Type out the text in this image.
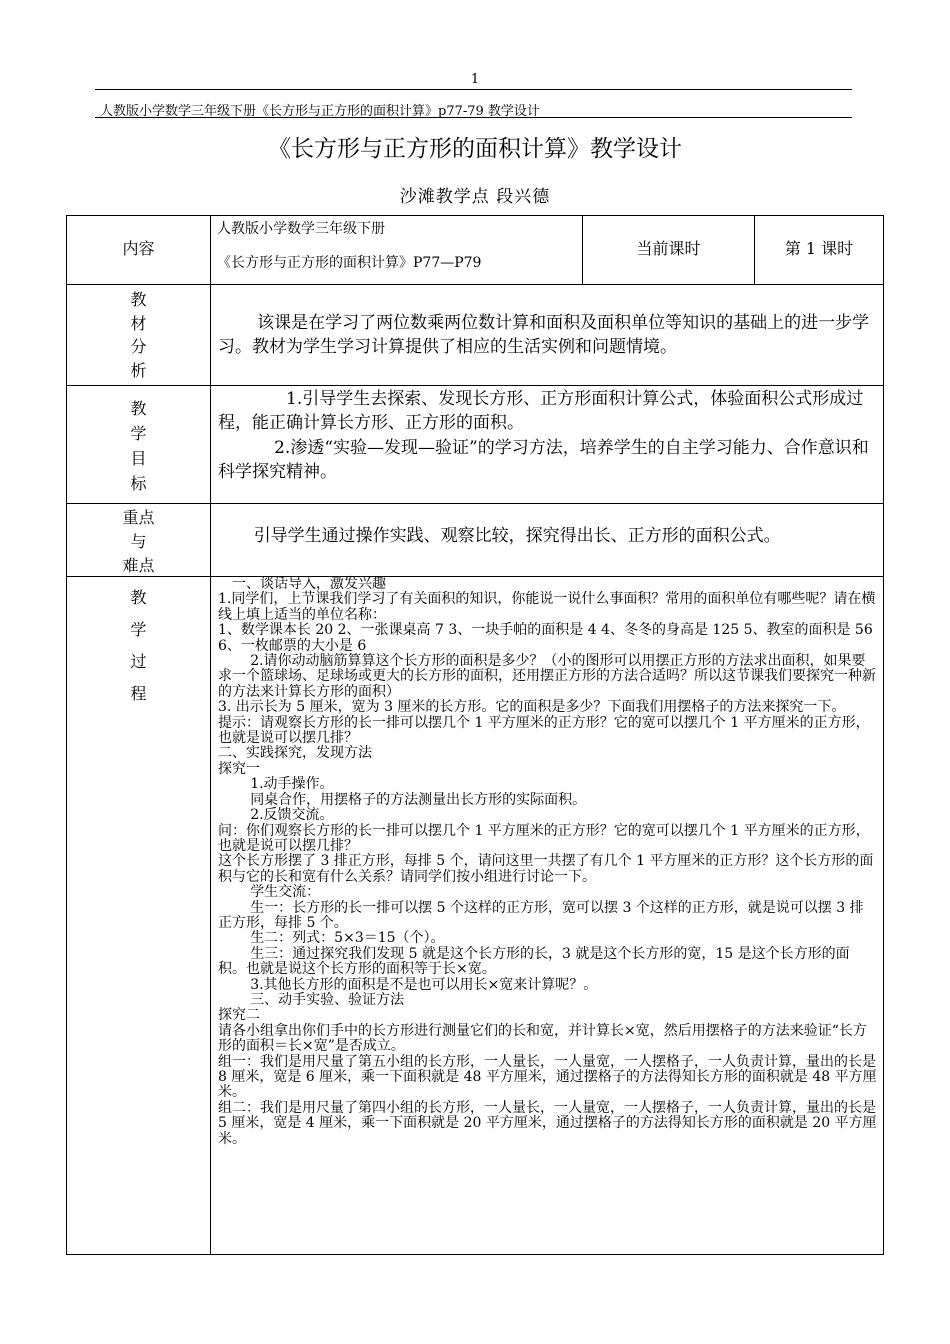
1
人教版小学数学三年级下册《长方形与正方形的面积计算》p77-79 教学设计
《长方形与正方形的面积计算》教学设计
沙滩教学点 段兴德
内容
人教版小学数学三年级下册
《长方形与正方形的面积计算》P77—P79
当前课时	第 1 课时
教
材
分
析
该课是在学习了两位数乘两位数计算和面积及面积单位等知识的基础上的进一步学习。教材为学生学习计算提供了相应的生活实例和问题情境。
教
学
目
标
1.引导学生去探索、发现长方形、正方形面积计算公式，体验面积公式形成过程，能正确计算长方形、正方形的面积。
2.渗透“实验—发现—验证”的学习方法，培养学生的自主学习能力、合作意识和科学探究精神。
重点
与
难点
引导学生通过操作实践、观察比较，探究得出长、正方形的面积公式。
教
学
过
程
一、谈话导入，激发兴趣
1.同学们，上节课我们学习了有关面积的知识，你能说一说什么事面积？常用的面积单位有哪些呢？请在横线上填上适当的单位名称：
1、数学课本长 20 2、一张课桌高 7 3、一块手帕的面积是 4 4、冬冬的身高是 125 5、教室的面积是 56 6、一枚邮票的大小是 6
2.请你动动脑筋算算这个长方形的面积是多少？（小的图形可以用摆正方形的方法求出面积，如果要求一个篮球场、足球场或更大的长方形的面积，还用摆正方形的方法合适吗？所以这节课我们要探究一种新的方法来计算长方形的面积）
3. 出示长为 5 厘米，宽为 3 厘米的长方形。它的面积是多少？下面我们用摆格子的方法来探究一下。
提示：请观察长方形的长一排可以摆几个 1 平方厘米的正方形？它的宽可以摆几个 1 平方厘米的正方形，也就是说可以摆几排？
二、实践探究，发现方法
探究一
1.动手操作。
同桌合作，用摆格子的方法测量出长方形的实际面积。
2.反馈交流。
问：你们观察长方形的长一排可以摆几个 1 平方厘米的正方形？它的宽可以摆几个 1 平方厘米的正方形，也就是说可以摆几排？
这个长方形摆了 3 排正方形，每排 5 个，请问这里一共摆了有几个 1 平方厘米的正方形？这个长方形的面积与它的长和宽有什么关系？请同学们按小组进行讨论一下。
学生交流：
生一：长方形的长一排可以摆 5 个这样的正方形，宽可以摆 3 个这样的正方形，就是说可以摆 3 排正方形，每排 5 个。
生二：列式：5×3＝15（个）。
生三：通过探究我们发现 5 就是这个长方形的长，3 就是这个长方形的宽，15 是这个长方形的面积。也就是说这个长方形的面积等于长×宽。
3.其他长方形的面积是不是也可以用长×宽来计算呢？。
三、动手实验、验证方法
探究二
请各小组拿出你们手中的长方形进行测量它们的长和宽，并计算长×宽，然后用摆格子的方法来验证“长方形的面积＝长×宽”是否成立。
组一：我们是用尺量了第五小组的长方形，一人量长，一人量宽，一人摆格子，一人负责计算，量出的长是 8 厘米，宽是 6 厘米，乘一下面积就是 48 平方厘米，通过摆格子的方法得知长方形的面积就是 48 平方厘米。
组二：我们是用尺量了第四小组的长方形，一人量长，一人量宽，一人摆格子，一人负责计算，量出的长是 5 厘米，宽是 4 厘米，乘一下面积就是 20 平方厘米，通过摆格子的方法得知长方形的面积就是 20 平方厘米。
